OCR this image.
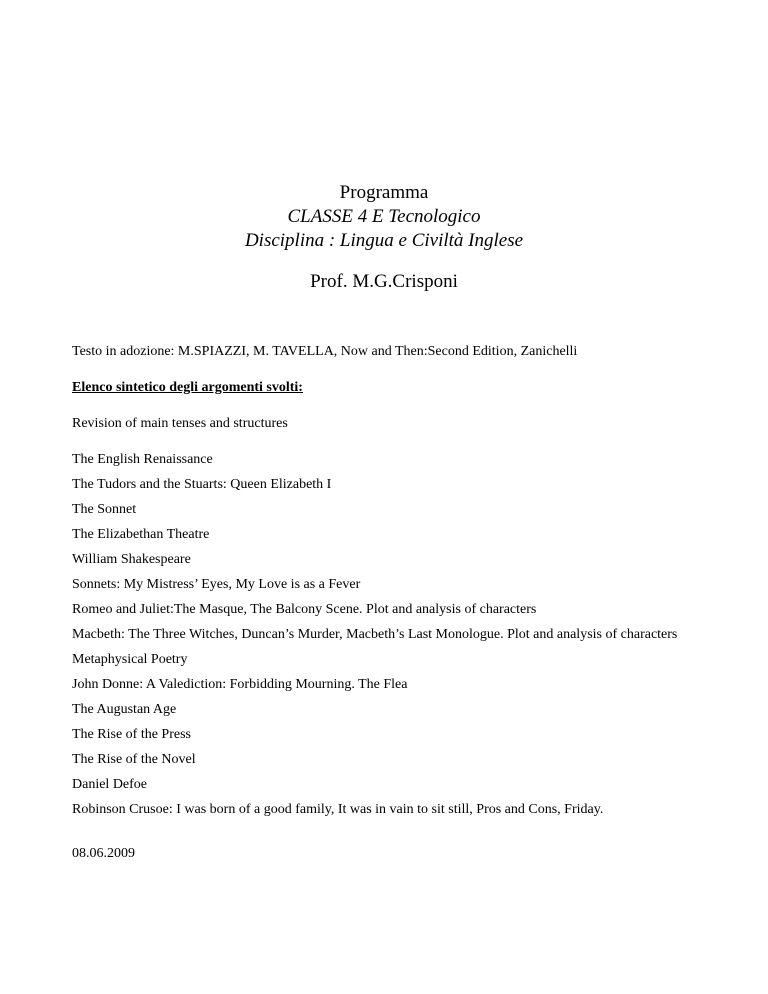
Programma
CLASSE 4 E Tecnologico
Disciplina : Lingua e Civiltà Inglese
Prof. M.G.Crisponi

Testo in adozione: M.SPIAZZI, M. TAVELLA, Now and Then:Second Edition, Zanichelli

Elenco sintetico degli argomenti svolti:

Revision of main tenses and structures

The English Renaissance
The Tudors and the Stuarts: Queen Elizabeth I
The Sonnet
The Elizabethan Theatre
William Shakespeare
Sonnets: My Mistress’ Eyes, My Love is as a Fever
Romeo and Juliet:The Masque, The Balcony Scene. Plot and analysis of characters
Macbeth: The Three Witches, Duncan’s Murder, Macbeth’s Last Monologue. Plot and analysis of characters
Metaphysical Poetry
John Donne: A Valediction: Forbidding Mourning. The Flea
The Augustan Age
The Rise of the Press
The Rise of the Novel
Daniel Defoe
Robinson Crusoe: I was born of a good family, It was in vain to sit still, Pros and Cons, Friday.

08.06.2009
